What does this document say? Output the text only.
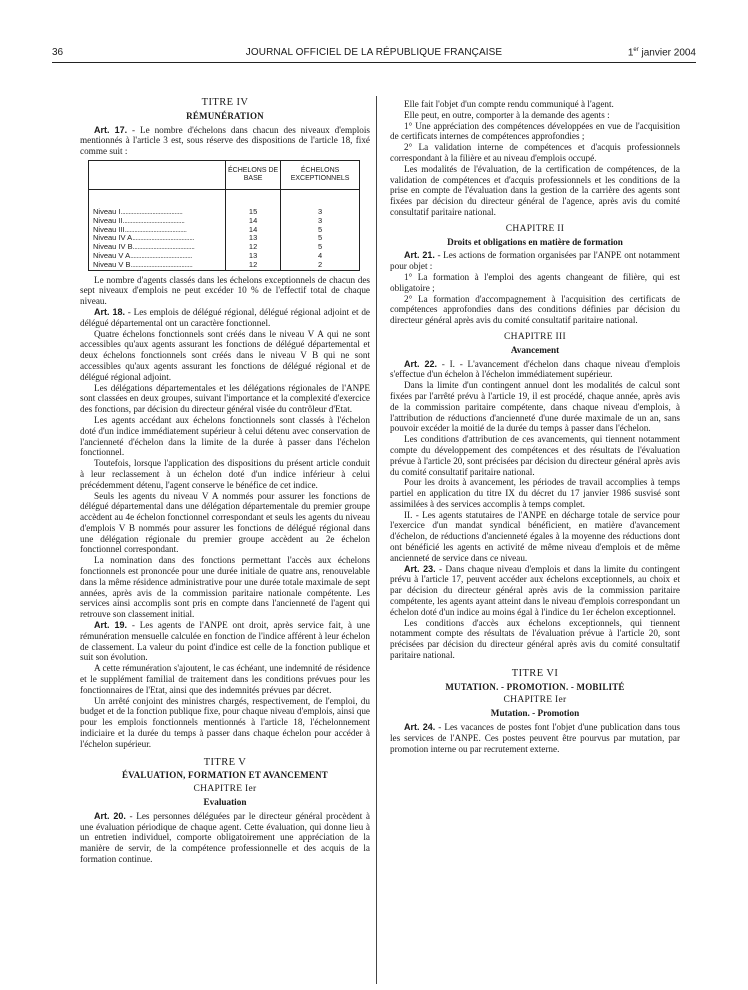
36	JOURNAL OFFICIEL DE LA RÉPUBLIQUE FRANÇAISE	1er janvier 2004
TITRE IV
RÉMUNÉRATION

Art. 17. - Le nombre d'échelons dans chacun des niveaux d'emplois mentionnés à l'article 3 est, sous réserve des dispositions de l'article 18, fixé comme suit :

	ÉCHELONS DE BASE	ÉCHELONS EXCEPTIONNELS
Niveau I.......................................	15	3
Niveau II.......................................	14	3
Niveau III.......................................	14	5
Niveau IV A.......................................	13	5
Niveau IV B.......................................	12	5
Niveau V A.......................................	13	4
Niveau V B.......................................	12	2

Le nombre d'agents classés dans les échelons exceptionnels de chacun des sept niveaux d'emplois ne peut excéder 10 % de l'effectif total de chaque niveau.

Art. 18. - Les emplois de délégué régional, délégué régional adjoint et de délégué départemental ont un caractère fonctionnel.

Quatre échelons fonctionnels sont créés dans le niveau V A qui ne sont accessibles qu'aux agents assurant les fonctions de délégué départemental et deux échelons fonctionnels sont créés dans le niveau V B qui ne sont accessibles qu'aux agents assurant les fonctions de délégué régional et de délégué régional adjoint.

Les délégations départementales et les délégations régionales de l'ANPE sont classées en deux groupes, suivant l'importance et la complexité d'exercice des fonctions, par décision du directeur général visée du contrôleur d'Etat.

Les agents accédant aux échelons fonctionnels sont classés à l'échelon doté d'un indice immédiatement supérieur à celui détenu avec conservation de l'ancienneté d'échelon dans la limite de la durée à passer dans l'échelon fonctionnel.

Toutefois, lorsque l'application des dispositions du présent article conduit à leur reclassement à un échelon doté d'un indice inférieur à celui précédemment détenu, l'agent conserve le bénéfice de cet indice.

Seuls les agents du niveau V A nommés pour assurer les fonctions de délégué départemental dans une délégation départementale du premier groupe accèdent au 4e échelon fonctionnel correspondant et seuls les agents du niveau d'emplois V B nommés pour assurer les fonctions de délégué régional dans une délégation régionale du premier groupe accèdent au 2e échelon fonctionnel correspondant.

La nomination dans des fonctions permettant l'accès aux échelons fonctionnels est prononcée pour une durée initiale de quatre ans, renouvelable dans la même résidence administrative pour une durée totale maximale de sept années, après avis de la commission paritaire nationale compétente. Les services ainsi accomplis sont pris en compte dans l'ancienneté de l'agent qui retrouve son classement initial.

Art. 19. - Les agents de l'ANPE ont droit, après service fait, à une rémunération mensuelle calculée en fonction de l'indice afférent à leur échelon de classement. La valeur du point d'indice est celle de la fonction publique et suit son évolution.

A cette rémunération s'ajoutent, le cas échéant, une indemnité de résidence et le supplément familial de traitement dans les conditions prévues pour les fonctionnaires de l'Etat, ainsi que des indemnités prévues par décret.

Un arrêté conjoint des ministres chargés, respectivement, de l'emploi, du budget et de la fonction publique fixe, pour chaque niveau d'emplois, ainsi que pour les emplois fonctionnels mentionnés à l'article 18, l'échelonnement indiciaire et la durée du temps à passer dans chaque échelon pour accéder à l'échelon supérieur.

TITRE V
ÉVALUATION, FORMATION ET AVANCEMENT
CHAPITRE Ier
Evaluation

Art. 20. - Les personnes déléguées par le directeur général procèdent à une évaluation périodique de chaque agent. Cette évaluation, qui donne lieu à un entretien individuel, comporte obligatoirement une appréciation de la manière de servir, de la compétence professionnelle et des acquis de la formation continue.

Elle fait l'objet d'un compte rendu communiqué à l'agent.

Elle peut, en outre, comporter à la demande des agents :

1° Une appréciation des compétences développées en vue de l'acquisition de certificats internes de compétences approfondies ;

2° La validation interne de compétences et d'acquis professionnels correspondant à la filière et au niveau d'emplois occupé.

Les modalités de l'évaluation, de la certification de compétences, de la validation de compétences et d'acquis professionnels et les conditions de la prise en compte de l'évaluation dans la gestion de la carrière des agents sont fixées par décision du directeur général de l'agence, après avis du comité consultatif paritaire national.

CHAPITRE II
Droits et obligations en matière de formation

Art. 21. - Les actions de formation organisées par l'ANPE ont notamment pour objet :

1° La formation à l'emploi des agents changeant de filière, qui est obligatoire ;

2° La formation d'accompagnement à l'acquisition des certificats de compétences approfondies dans des conditions définies par décision du directeur général après avis du comité consultatif paritaire national.

CHAPITRE III
Avancement

Art. 22. - I. - L'avancement d'échelon dans chaque niveau d'emplois s'effectue d'un échelon à l'échelon immédiatement supérieur.

Dans la limite d'un contingent annuel dont les modalités de calcul sont fixées par l'arrêté prévu à l'article 19, il est procédé, chaque année, après avis de la commission paritaire compétente, dans chaque niveau d'emplois, à l'attribution de réductions d'ancienneté d'une durée maximale de un an, sans pouvoir excéder la moitié de la durée du temps à passer dans l'échelon.

Les conditions d'attribution de ces avancements, qui tiennent notamment compte du développement des compétences et des résultats de l'évaluation prévue à l'article 20, sont précisées par décision du directeur général après avis du comité consultatif paritaire national.

Pour les droits à avancement, les périodes de travail accomplies à temps partiel en application du titre IX du décret du 17 janvier 1986 susvisé sont assimilées à des services accomplis à temps complet.

II. - Les agents statutaires de l'ANPE en décharge totale de service pour l'exercice d'un mandat syndical bénéficient, en matière d'avancement d'échelon, de réductions d'ancienneté égales à la moyenne des réductions dont ont bénéficié les agents en activité de même niveau d'emplois et de même ancienneté de service dans ce niveau.

Art. 23. - Dans chaque niveau d'emplois et dans la limite du contingent prévu à l'article 17, peuvent accéder aux échelons exceptionnels, au choix et par décision du directeur général après avis de la commission paritaire compétente, les agents ayant atteint dans le niveau d'emplois correspondant un échelon doté d'un indice au moins égal à l'indice du 1er échelon exceptionnel.

Les conditions d'accès aux échelons exceptionnels, qui tiennent notamment compte des résultats de l'évaluation prévue à l'article 20, sont précisées par décision du directeur général après avis du comité consultatif paritaire national.

TITRE VI
MUTATION. - PROMOTION. - MOBILITÉ
CHAPITRE Ier
Mutation. - Promotion

Art. 24. - Les vacances de postes font l'objet d'une publication dans tous les services de l'ANPE. Ces postes peuvent être pourvus par mutation, par promotion interne ou par recrutement externe.
